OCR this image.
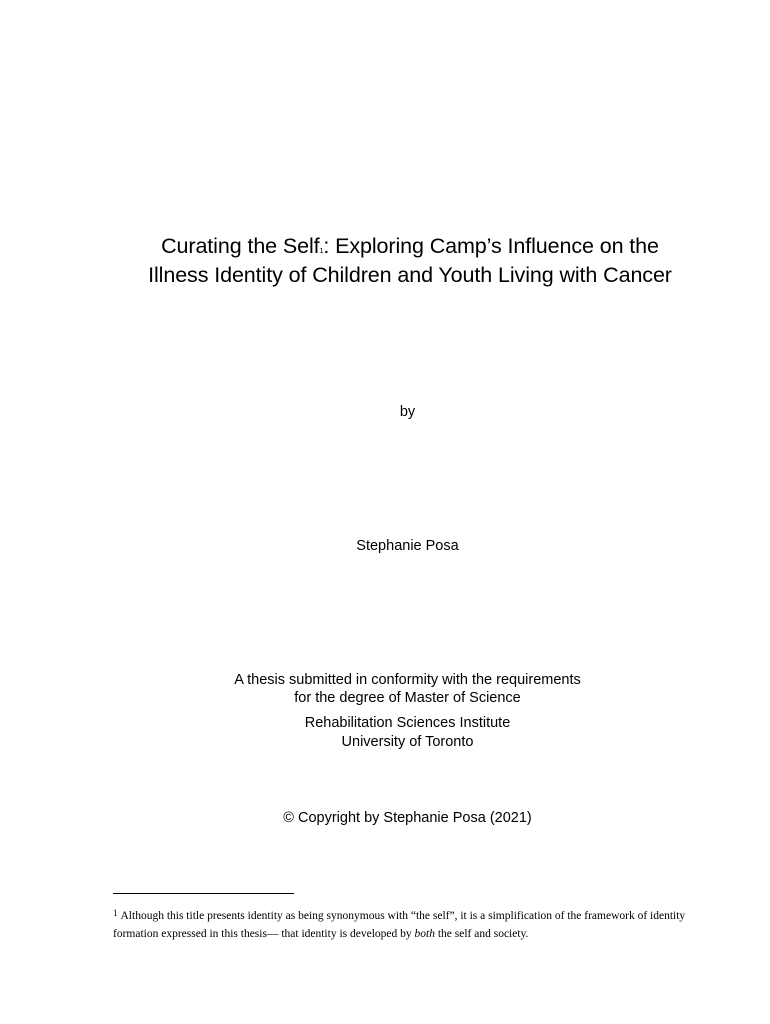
Curating the Self$^1$: Exploring Camp’s Influence on the
Illness Identity of Children and Youth Living with Cancer
by
Stephanie Posa
A thesis submitted in conformity with the requirements
for the degree of Master of Science
Rehabilitation Sciences Institute
University of Toronto
© Copyright by Stephanie Posa (2021)
$^1$ Although this title presents identity as being synonymous with “the self”, it is a simplification of the framework of identity formation expressed in this thesis— that identity is developed by both the self and society.
